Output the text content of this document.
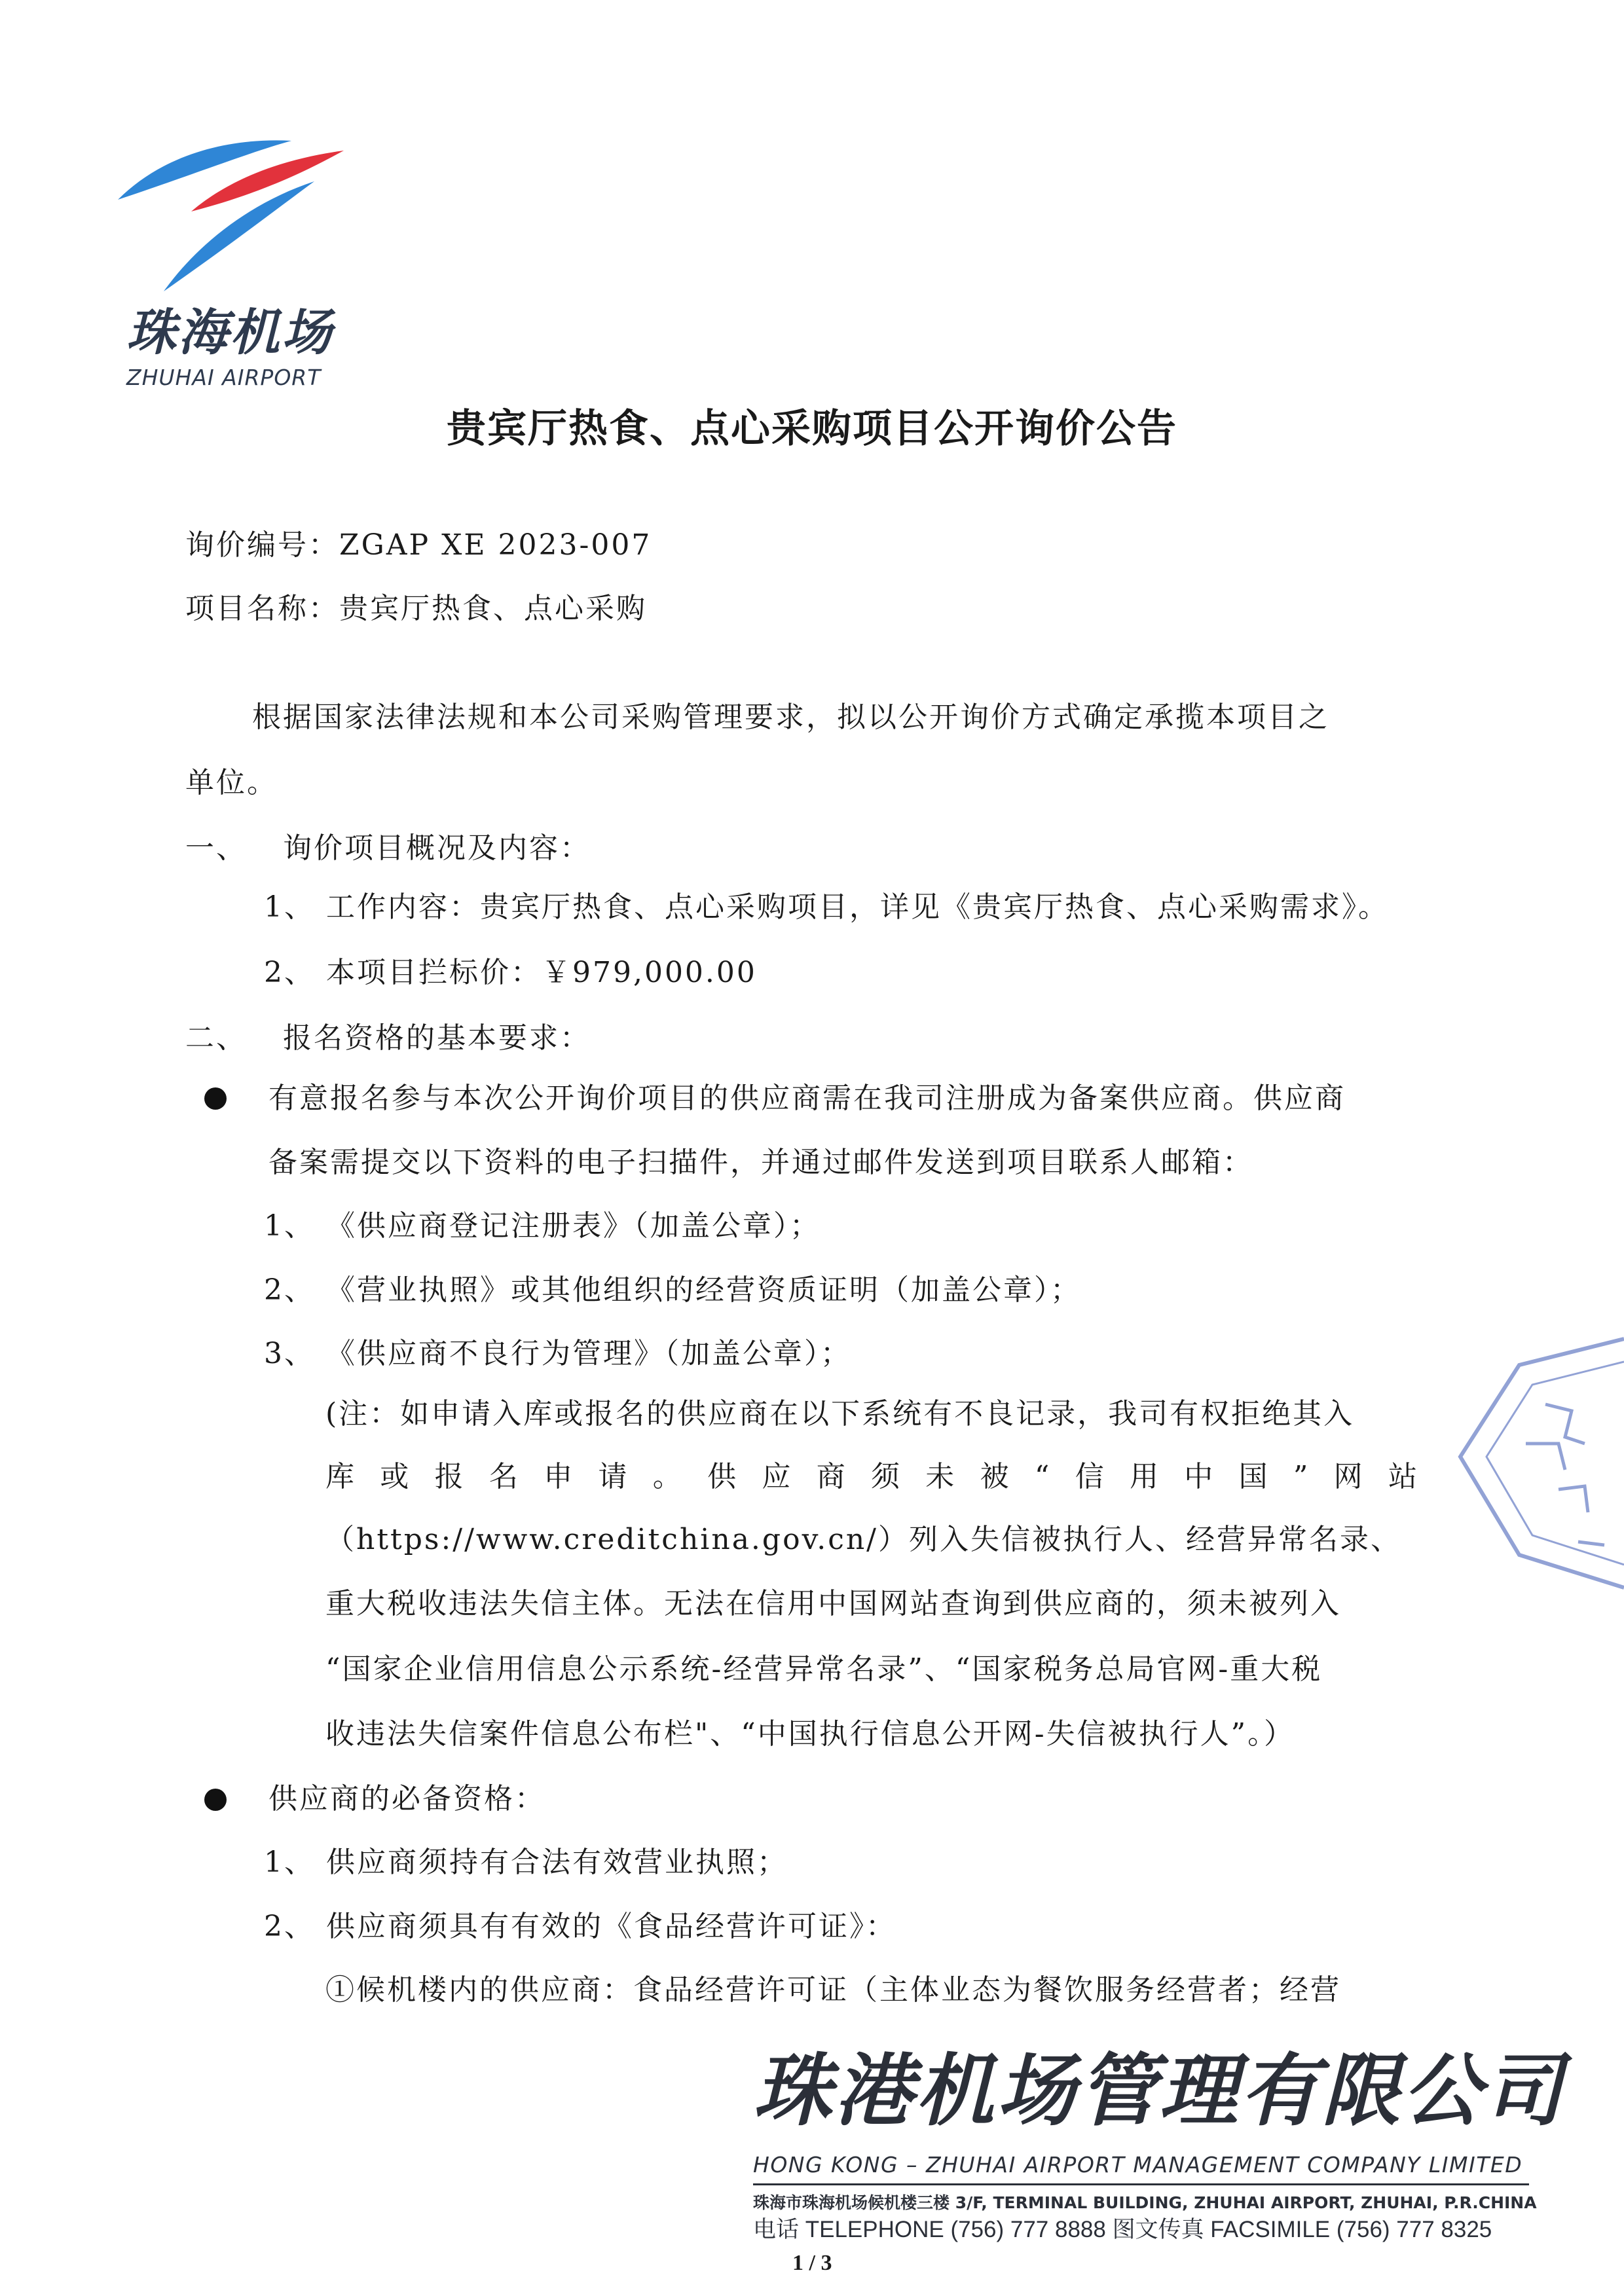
珠海机场
ZHUHAI AIRPORT
贵宾厅热食、点心采购项目公开询价公告
询价编号：ZGAP XE 2023-007
项目名称：贵宾厅热食、点心采购
根据国家法律法规和本公司采购管理要求，拟以公开询价方式确定承揽本项目之
单位。
一、 询价项目概况及内容：
1、 工作内容：贵宾厅热食、点心采购项目，详见《贵宾厅热食、点心采购需求》。
2、 本项目拦标价：￥979,000.00
二、 报名资格的基本要求：
有意报名参与本次公开询价项目的供应商需在我司注册成为备案供应商。供应商
备案需提交以下资料的电子扫描件，并通过邮件发送到项目联系人邮箱：
1、 《供应商登记注册表》（加盖公章）；
2、 《营业执照》或其他组织的经营资质证明（加盖公章）；
3、 《供应商不良行为管理》（加盖公章）；
(注：如申请入库或报名的供应商在以下系统有不良记录，我司有权拒绝其入
库或报名申请。供应商须未被“信用中国”网站
（https://www.creditchina.gov.cn/）列入失信被执行人、经营异常名录、
重大税收违法失信主体。无法在信用中国网站查询到供应商的，须未被列入
“国家企业信用信息公示系统-经营异常名录”、“国家税务总局官网-重大税
收违法失信案件信息公布栏"、“中国执行信息公开网-失信被执行人”。）
供应商的必备资格：
1、 供应商须持有合法有效营业执照；
2、 供应商须具有有效的《食品经营许可证》：
①候机楼内的供应商：食品经营许可证（主体业态为餐饮服务经营者；经营
珠港机场管理有限公司
HONG KONG – ZHUHAI AIRPORT MANAGEMENT COMPANY LIMITED
珠海市珠海机场候机楼三楼 3/F, TERMINAL BUILDING, ZHUHAI AIRPORT, ZHUHAI, P.R.CHINA
电话 TELEPHONE (756) 777 8888 图文传真 FACSIMILE (756) 777 8325
1 / 3
